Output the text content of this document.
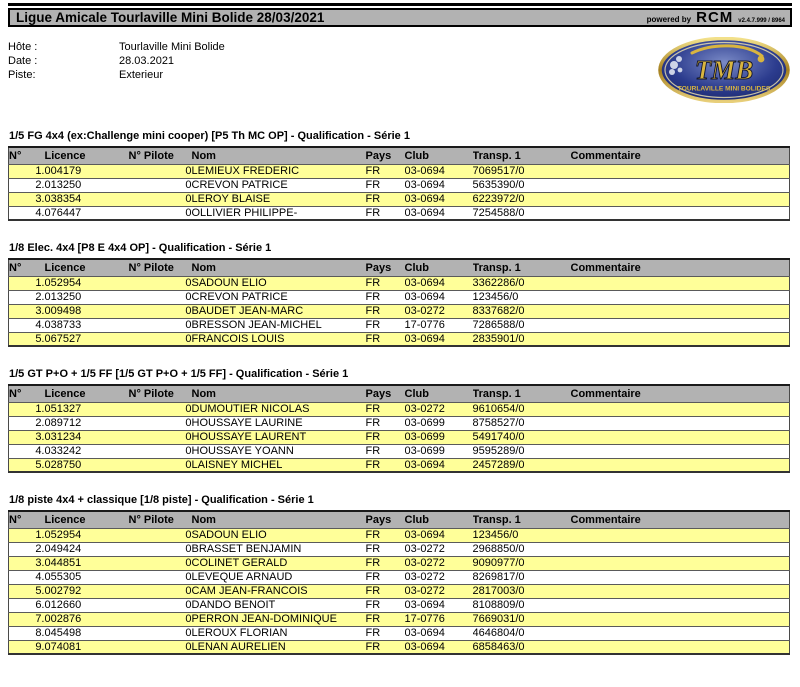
Ligue Amicale Tourlaville Mini Bolide 28/03/2021	powered by RCM v2.4.7.999 / 8964
Hôte :	Tourlaville Mini Bolide
Date :	28.03.2021
Piste:	Exterieur	TMB
TOURLAVILLE MINI BOLIDES
1/5 FG 4x4 (ex:Challenge mini cooper) [P5 Th MC OP] - Qualification - Série 1
N°	Licence	N° Pilote	Nom	Pays	Club	Transp. 1	Commentaire
1.	004179	0	LEMIEUX FREDERIC	FR	03-0694	7069517/0	
2.	013250	0	CREVON PATRICE	FR	03-0694	5635390/0	
3.	038354	0	LEROY BLAISE	FR	03-0694	6223972/0	
4.	076447	0	OLLIVIER PHILIPPE-	FR	03-0694	7254588/0	
1/8 Elec. 4x4 [P8 E 4x4 OP] - Qualification - Série 1
N°	Licence	N° Pilote	Nom	Pays	Club	Transp. 1	Commentaire
1.	052954	0	SADOUN ELIO	FR	03-0694	3362286/0	
2.	013250	0	CREVON PATRICE	FR	03-0694	123456/0	
3.	009498	0	BAUDET JEAN-MARC	FR	03-0272	8337682/0	
4.	038733	0	BRESSON JEAN-MICHEL	FR	17-0776	7286588/0	
5.	067527	0	FRANCOIS LOUIS	FR	03-0694	2835901/0	
1/5 GT P+O + 1/5 FF [1/5 GT P+O + 1/5 FF] - Qualification - Série 1
N°	Licence	N° Pilote	Nom	Pays	Club	Transp. 1	Commentaire
1.	051327	0	DUMOUTIER NICOLAS	FR	03-0272	9610654/0	
2.	089712	0	HOUSSAYE LAURINE	FR	03-0699	8758527/0	
3.	031234	0	HOUSSAYE LAURENT	FR	03-0699	5491740/0	
4.	033242	0	HOUSSAYE YOANN	FR	03-0699	9595289/0	
5.	028750	0	LAISNEY MICHEL	FR	03-0694	2457289/0	
1/8 piste 4x4 + classique [1/8 piste] - Qualification - Série 1
N°	Licence	N° Pilote	Nom	Pays	Club	Transp. 1	Commentaire
1.	052954	0	SADOUN ELIO	FR	03-0694	123456/0	
2.	049424	0	BRASSET BENJAMIN	FR	03-0272	2968850/0	
3.	044851	0	COLINET GERALD	FR	03-0272	9090977/0	
4.	055305	0	LEVEQUE ARNAUD	FR	03-0272	8269817/0	
5.	002792	0	CAM JEAN-FRANCOIS	FR	03-0272	2817003/0	
6.	012660	0	DANDO BENOIT	FR	03-0694	8108809/0	
7.	002876	0	PERRON JEAN-DOMINIQUE	FR	17-0776	7669031/0	
8.	045498	0	LEROUX FLORIAN	FR	03-0694	4646804/0	
9.	074081	0	LENAN AURELIEN	FR	03-0694	6858463/0	
